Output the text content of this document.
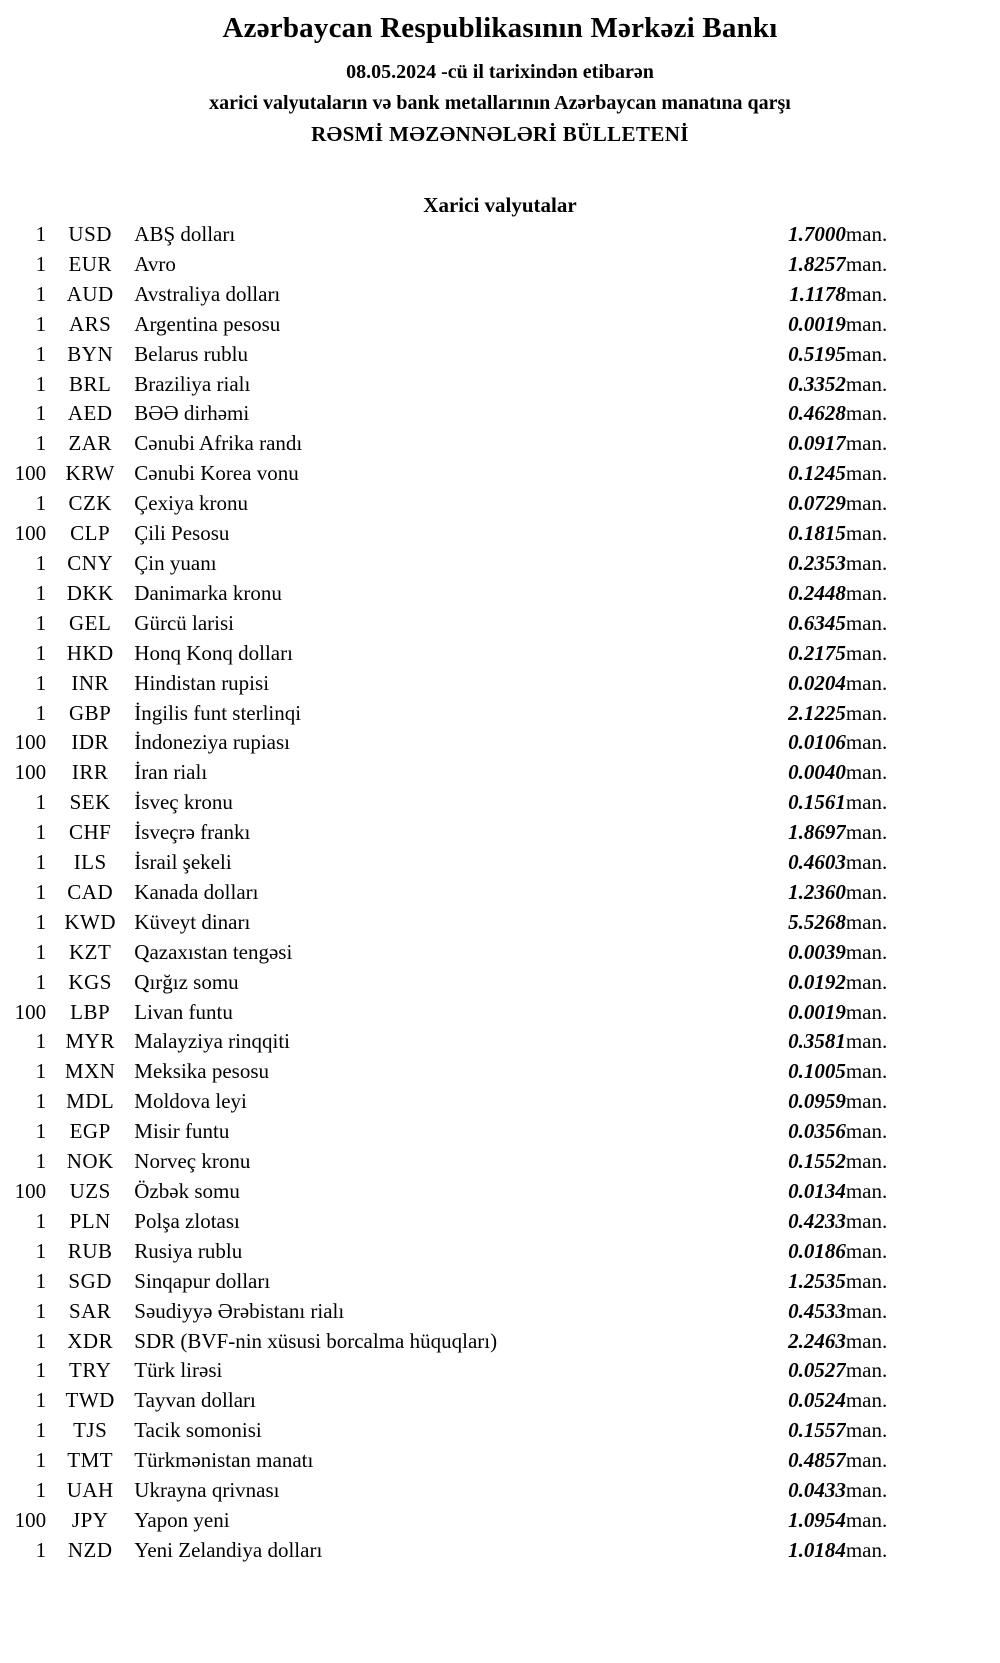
Azərbaycan Respublikasının Mərkəzi Bankı

08.05.2024 -cü il tarixindən etibarən

xarici valyutaların və bank metallarının Azərbaycan manatına qarşı

RƏSMİ MƏZƏNNƏLƏRİ BÜLLETENİ

Xarici valyutalar
1	USD	ABŞ dolları	1.7000	man.
1	EUR	Avro	1.8257	man.
1	AUD	Avstraliya dolları	1.1178	man.
1	ARS	Argentina pesosu	0.0019	man.
1	BYN	Belarus rublu	0.5195	man.
1	BRL	Braziliya rialı	0.3352	man.
1	AED	BƏƏ dirhəmi	0.4628	man.
1	ZAR	Cənubi Afrika randı	0.0917	man.
100	KRW	Cənubi Korea vonu	0.1245	man.
1	CZK	Çexiya kronu	0.0729	man.
100	CLP	Çili Pesosu	0.1815	man.
1	CNY	Çin yuanı	0.2353	man.
1	DKK	Danimarka kronu	0.2448	man.
1	GEL	Gürcü larisi	0.6345	man.
1	HKD	Honq Konq dolları	0.2175	man.
1	INR	Hindistan rupisi	0.0204	man.
1	GBP	İngilis funt sterlinqi	2.1225	man.
100	IDR	İndoneziya rupiası	0.0106	man.
100	IRR	İran rialı	0.0040	man.
1	SEK	İsveç kronu	0.1561	man.
1	CHF	İsveçrə frankı	1.8697	man.
1	ILS	İsrail şekeli	0.4603	man.
1	CAD	Kanada dolları	1.2360	man.
1	KWD	Küveyt dinarı	5.5268	man.
1	KZT	Qazaxıstan tengəsi	0.0039	man.
1	KGS	Qırğız somu	0.0192	man.
100	LBP	Livan funtu	0.0019	man.
1	MYR	Malayziya rinqqiti	0.3581	man.
1	MXN	Meksika pesosu	0.1005	man.
1	MDL	Moldova leyi	0.0959	man.
1	EGP	Misir funtu	0.0356	man.
1	NOK	Norveç kronu	0.1552	man.
100	UZS	Özbək somu	0.0134	man.
1	PLN	Polşa zlotası	0.4233	man.
1	RUB	Rusiya rublu	0.0186	man.
1	SGD	Sinqapur dolları	1.2535	man.
1	SAR	Səudiyyə Ərəbistanı rialı	0.4533	man.
1	XDR	SDR (BVF-nin xüsusi borcalma hüquqları)	2.2463	man.
1	TRY	Türk lirəsi	0.0527	man.
1	TWD	Tayvan dolları	0.0524	man.
1	TJS	Tacik somonisi	0.1557	man.
1	TMT	Türkmənistan manatı	0.4857	man.
1	UAH	Ukrayna qrivnası	0.0433	man.
100	JPY	Yapon yeni	1.0954	man.
1	NZD	Yeni Zelandiya dolları	1.0184	man.
